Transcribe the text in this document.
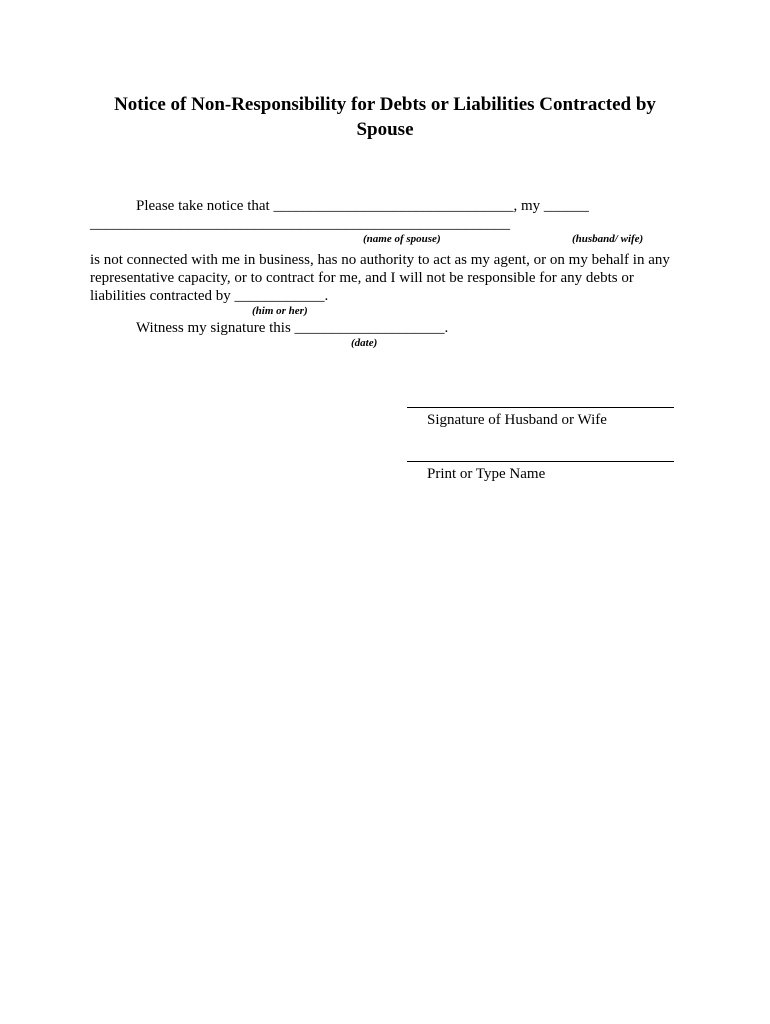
Notice of Non-Responsibility for Debts or Liabilities Contracted by Spouse
Please take notice that ________________________________, my ______
________________________________________________________
(name of spouse)	(husband/ wife)
is not connected with me in business, has no authority to act as my agent, or on my behalf in any
representative capacity, or to contract for me, and I will not be responsible for any debts or
liabilities contracted by ____________.
(him or her)
Witness my signature this ____________________.
(date)
Signature of Husband or Wife
Print or Type Name
